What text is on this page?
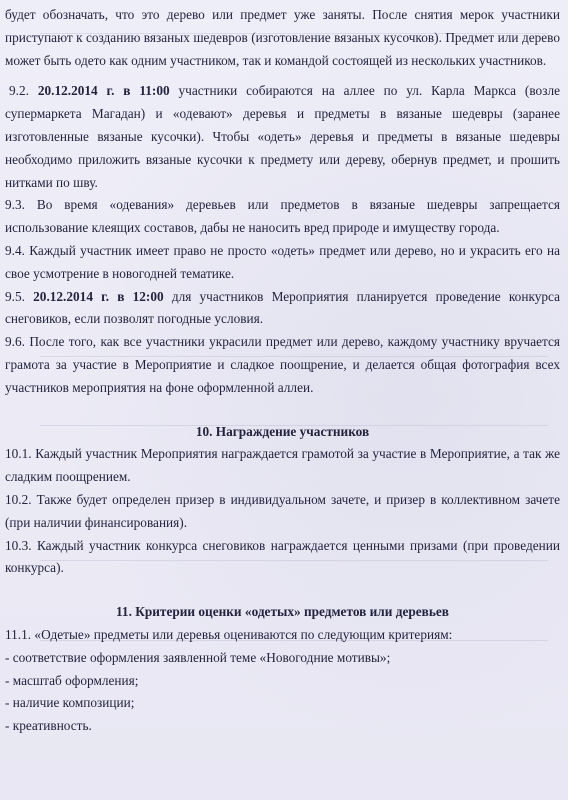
будет обозначать, что это дерево или предмет уже заняты. После снятия мерок участники приступают к созданию вязаных шедевров (изготовление вязаных кусочков). Предмет или дерево может быть одето как одним участником, так и командой состоящей из нескольких участников.

9.2. 20.12.2014 г. в 11:00 участники собираются на аллее по ул. Карла Маркса (возле супермаркета Магадан) и «одевают» деревья и предметы в вязаные шедевры (заранее изготовленные вязаные кусочки). Чтобы «одеть» деревья и предметы в вязаные шедевры необходимо приложить вязаные кусочки к предмету или дереву, обернув предмет, и прошить нитками по шву.

9.3. Во время «одевания» деревьев или предметов в вязаные шедевры запрещается использование клеящих составов, дабы не наносить вред природе и имуществу города.

9.4. Каждый участник имеет право не просто «одеть» предмет или дерево, но и украсить его на свое усмотрение в новогодней тематике.

9.5. 20.12.2014 г. в 12:00 для участников Мероприятия планируется проведение конкурса снеговиков, если позволят погодные условия.

9.6. После того, как все участники украсили предмет или дерево, каждому участнику вручается грамота за участие в Мероприятие и сладкое поощрение, и делается общая фотография всех участников мероприятия на фоне оформленной аллеи.

10. Награждение участников

10.1. Каждый участник Мероприятия награждается грамотой за участие в Мероприятие, а так же сладким поощрением.

10.2. Также будет определен призер в индивидуальном зачете, и призер в коллективном зачете (при наличии финансирования).

10.3. Каждый участник конкурса снеговиков награждается ценными призами (при проведении конкурса).

11. Критерии оценки «одетых» предметов или деревьев

11.1. «Одетые» предметы или деревья оцениваются по следующим критериям:

- соответствие оформления заявленной теме «Новогодние мотивы»;

- масштаб оформления;

- наличие композиции;

- креативность.
